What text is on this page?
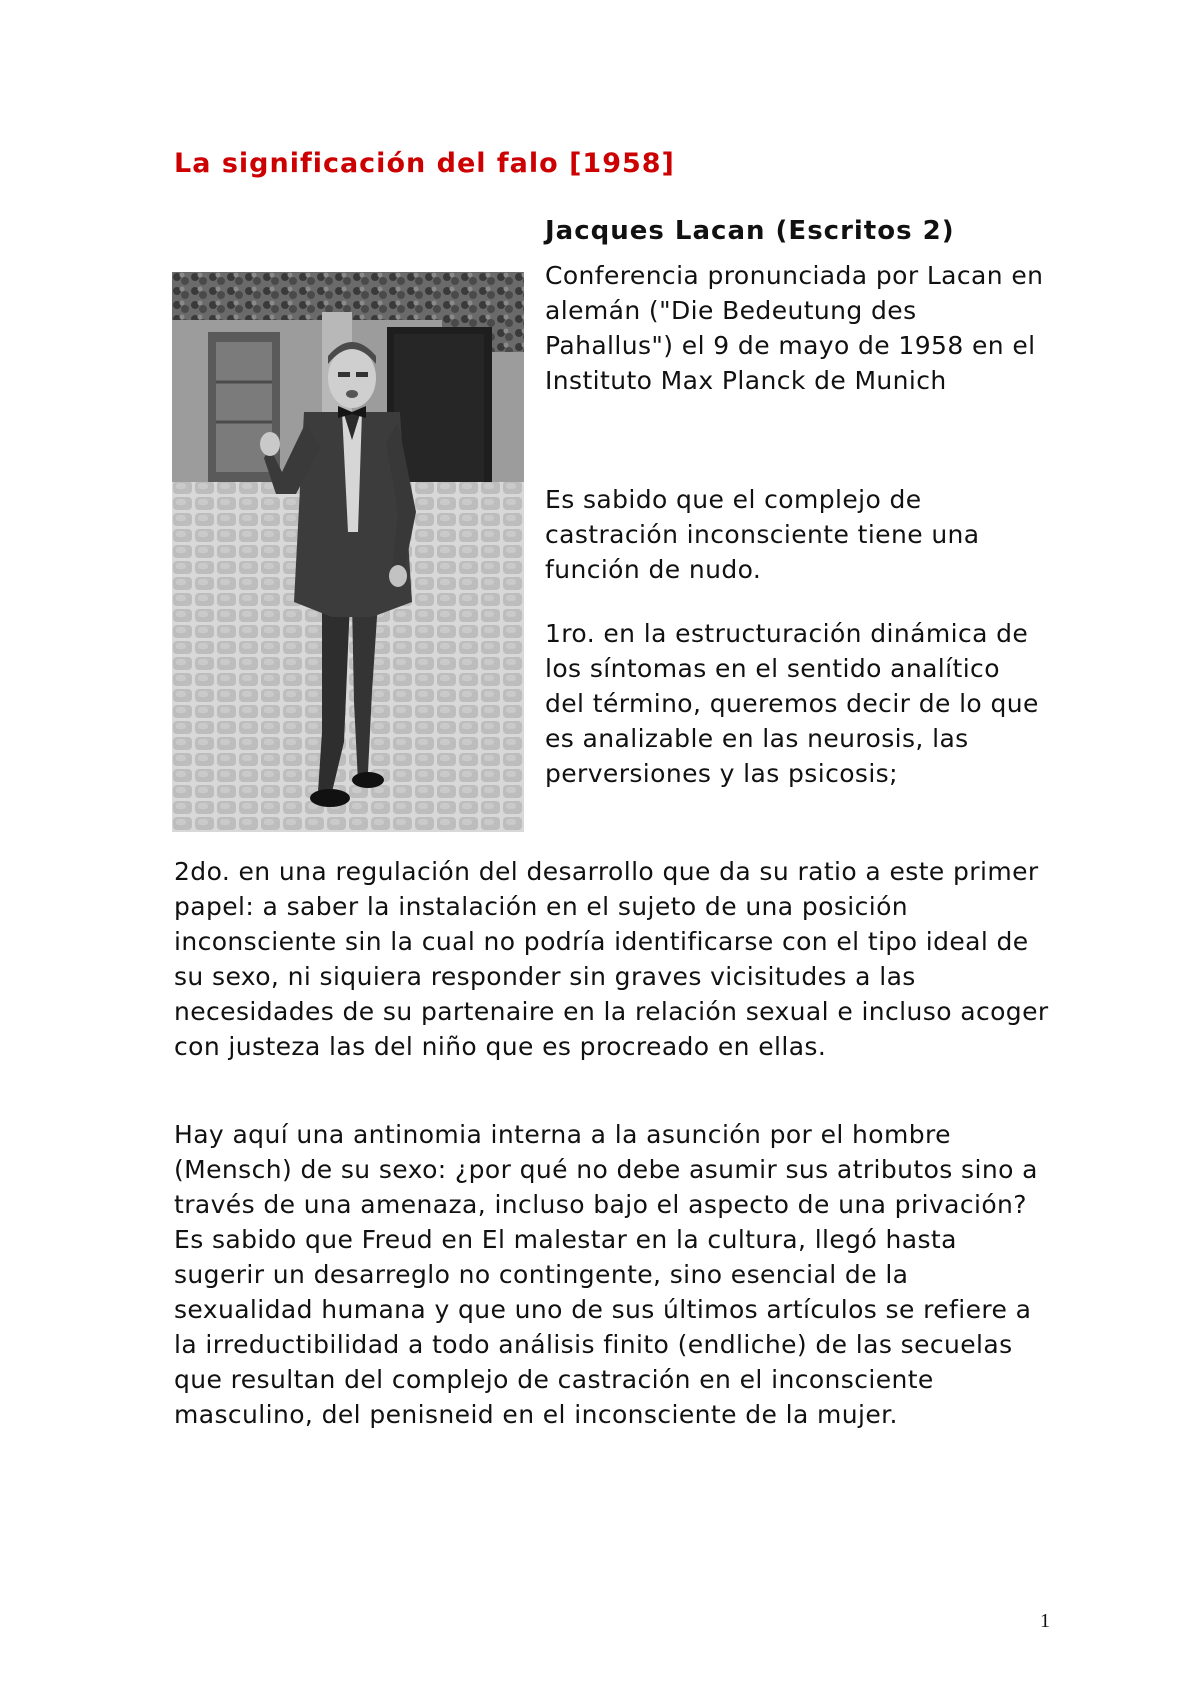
La significación del falo [1958]
Jacques Lacan (Escritos 2)

Conferencia pronunciada por Lacan en alemán ("Die Bedeutung des Pahallus") el 9 de mayo de 1958 en el Instituto Max Planck de Munich

Es sabido que el complejo de castración inconsciente tiene una función de nudo.

1ro. en la estructuración dinámica de los síntomas en el sentido analítico del término, queremos decir de lo que es analizable en las neurosis, las perversiones y las psicosis;

2do. en una regulación del desarrollo que da su ratio a este primer papel: a saber la instalación en el sujeto de una posición inconsciente sin la cual no podría identificarse con el tipo ideal de su sexo, ni siquiera responder sin graves vicisitudes a las necesidades de su partenaire en la relación sexual e incluso acoger con justeza las del niño que es procreado en ellas.

Hay aquí una antinomia interna a la asunción por el hombre (Mensch) de su sexo: ¿por qué no debe asumir sus atributos sino a través de una amenaza, incluso bajo el aspecto de una privación? Es sabido que Freud en El malestar en la cultura, llegó hasta sugerir un desarreglo no contingente, sino esencial de la sexualidad humana y que uno de sus últimos artículos se refiere a la irreductibilidad a todo análisis finito (endliche) de las secuelas que resultan del complejo de castración en el inconsciente masculino, del penisneid en el inconsciente de la mujer.

1
